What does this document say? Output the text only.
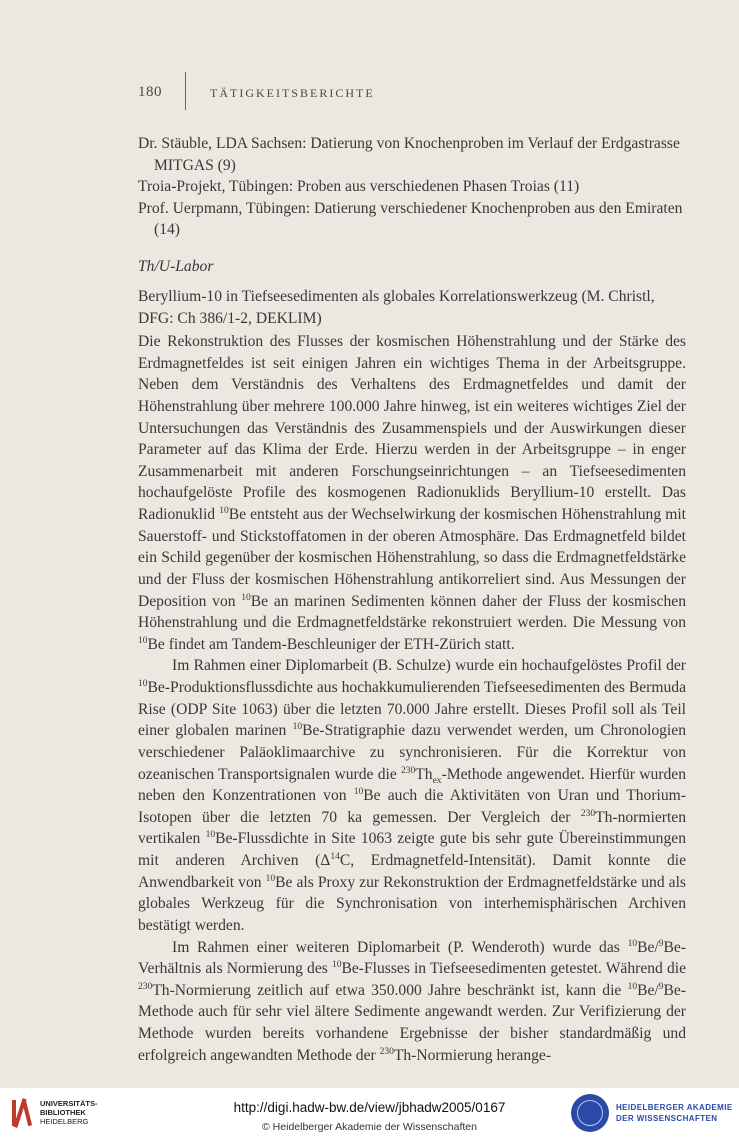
180	TÄTIGKEITSBERICHTE

Dr. Stäuble, LDA Sachsen: Datierung von Knochenproben im Verlauf der Erdgastrasse MITGAS (9)

Troia-Projekt, Tübingen: Proben aus verschiedenen Phasen Troias (11)

Prof. Uerpmann, Tübingen: Datierung verschiedener Knochenproben aus den Emiraten (14)

Th/U-Labor
Beryllium-10 in Tiefseesedimenten als globales Korrelationswerkzeug (M. Christl, DFG: Ch 386/1-2, DEKLIM)

Die Rekonstruktion des Flusses der kosmischen Höhenstrahlung und der Stärke des Erdmagnetfeldes ist seit einigen Jahren ein wichtiges Thema in der Arbeitsgruppe. Neben dem Verständnis des Verhaltens des Erdmagnetfeldes und damit der Höhenstrahlung über mehrere 100.000 Jahre hinweg, ist ein weiteres wichtiges Ziel der Untersuchungen das Verständnis des Zusammenspiels und der Auswirkungen dieser Parameter auf das Klima der Erde. Hierzu werden in der Arbeitsgruppe – in enger Zusammenarbeit mit anderen Forschungseinrichtungen – an Tiefseesedimenten hochaufgelöste Profile des kosmogenen Radionuklids Beryllium-10 erstellt. Das Radionuklid $^{10}$Be entsteht aus der Wechselwirkung der kosmischen Höhenstrahlung mit Sauerstoff- und Stickstoffatomen in der oberen Atmosphäre. Das Erdmagnetfeld bildet ein Schild gegenüber der kosmischen Höhenstrahlung, so dass die Erdmagnetfeldstärke und der Fluss der kosmischen Höhenstrahlung antikorreliert sind. Aus Messungen der Deposition von $^{10}$Be an marinen Sedimenten können daher der Fluss der kosmischen Höhenstrahlung und die Erdmagnetfeldstärke rekonstruiert werden. Die Messung von $^{10}$Be findet am Tandem-Beschleuniger der ETH-Zürich statt.

Im Rahmen einer Diplomarbeit (B. Schulze) wurde ein hochaufgelöstes Profil der $^{10}$Be-Produktionsflussdichte aus hochakkumulierenden Tiefseesedimenten des Bermuda Rise (ODP Site 1063) über die letzten 70.000 Jahre erstellt. Dieses Profil soll als Teil einer globalen marinen $^{10}$Be-Stratigraphie dazu verwendet werden, um Chronologien verschiedener Paläoklimaarchive zu synchronisieren. Für die Korrektur von ozeanischen Transportsignalen wurde die $^{230}Th_{ex}$-Methode angewendet. Hierfür wurden neben den Konzentrationen von $^{10}$Be auch die Aktivitäten von Uran und Thorium-Isotopen über die letzten 70 ka gemessen. Der Vergleich der $^{230}$Th-normierten vertikalen $^{10}$Be-Flussdichte in Site 1063 zeigte gute bis sehr gute Übereinstimmungen mit anderen Archiven ($\Delta^{14}C$, Erdmagnetfeld-Intensität). Damit konnte die Anwendbarkeit von $^{10}$Be als Proxy zur Rekonstruktion der Erdmagnetfeldstärke und als globales Werkzeug für die Synchronisation von interhemisphärischen Archiven bestätigt werden.

Im Rahmen einer weiteren Diplomarbeit (P. Wenderoth) wurde das $^{10}$Be/$^9$Be-Verhältnis als Normierung des $^{10}$Be-Flusses in Tiefseesedimenten getestet. Während die $^{230}$Th-Normierung zeitlich auf etwa 350.000 Jahre beschränkt ist, kann die $^{10}$Be/$^9$Be-Methode auch für sehr viel ältere Sedimente angewandt werden. Zur Verifizierung der Methode wurden bereits vorhandene Ergebnisse der bisher standardmäßig und erfolgreich angewandten Methode der $^{230}$Th-Normierung herange-

UNIVERSITÄTS-
BIBLIOTHEK
HEIDELBERG
http://digi.hadw-bw.de/view/jbhadw2005/0167
© Heidelberger Akademie der Wissenschaften
HEIDELBERGER AKADEMIE
DER WISSENSCHAFTEN
